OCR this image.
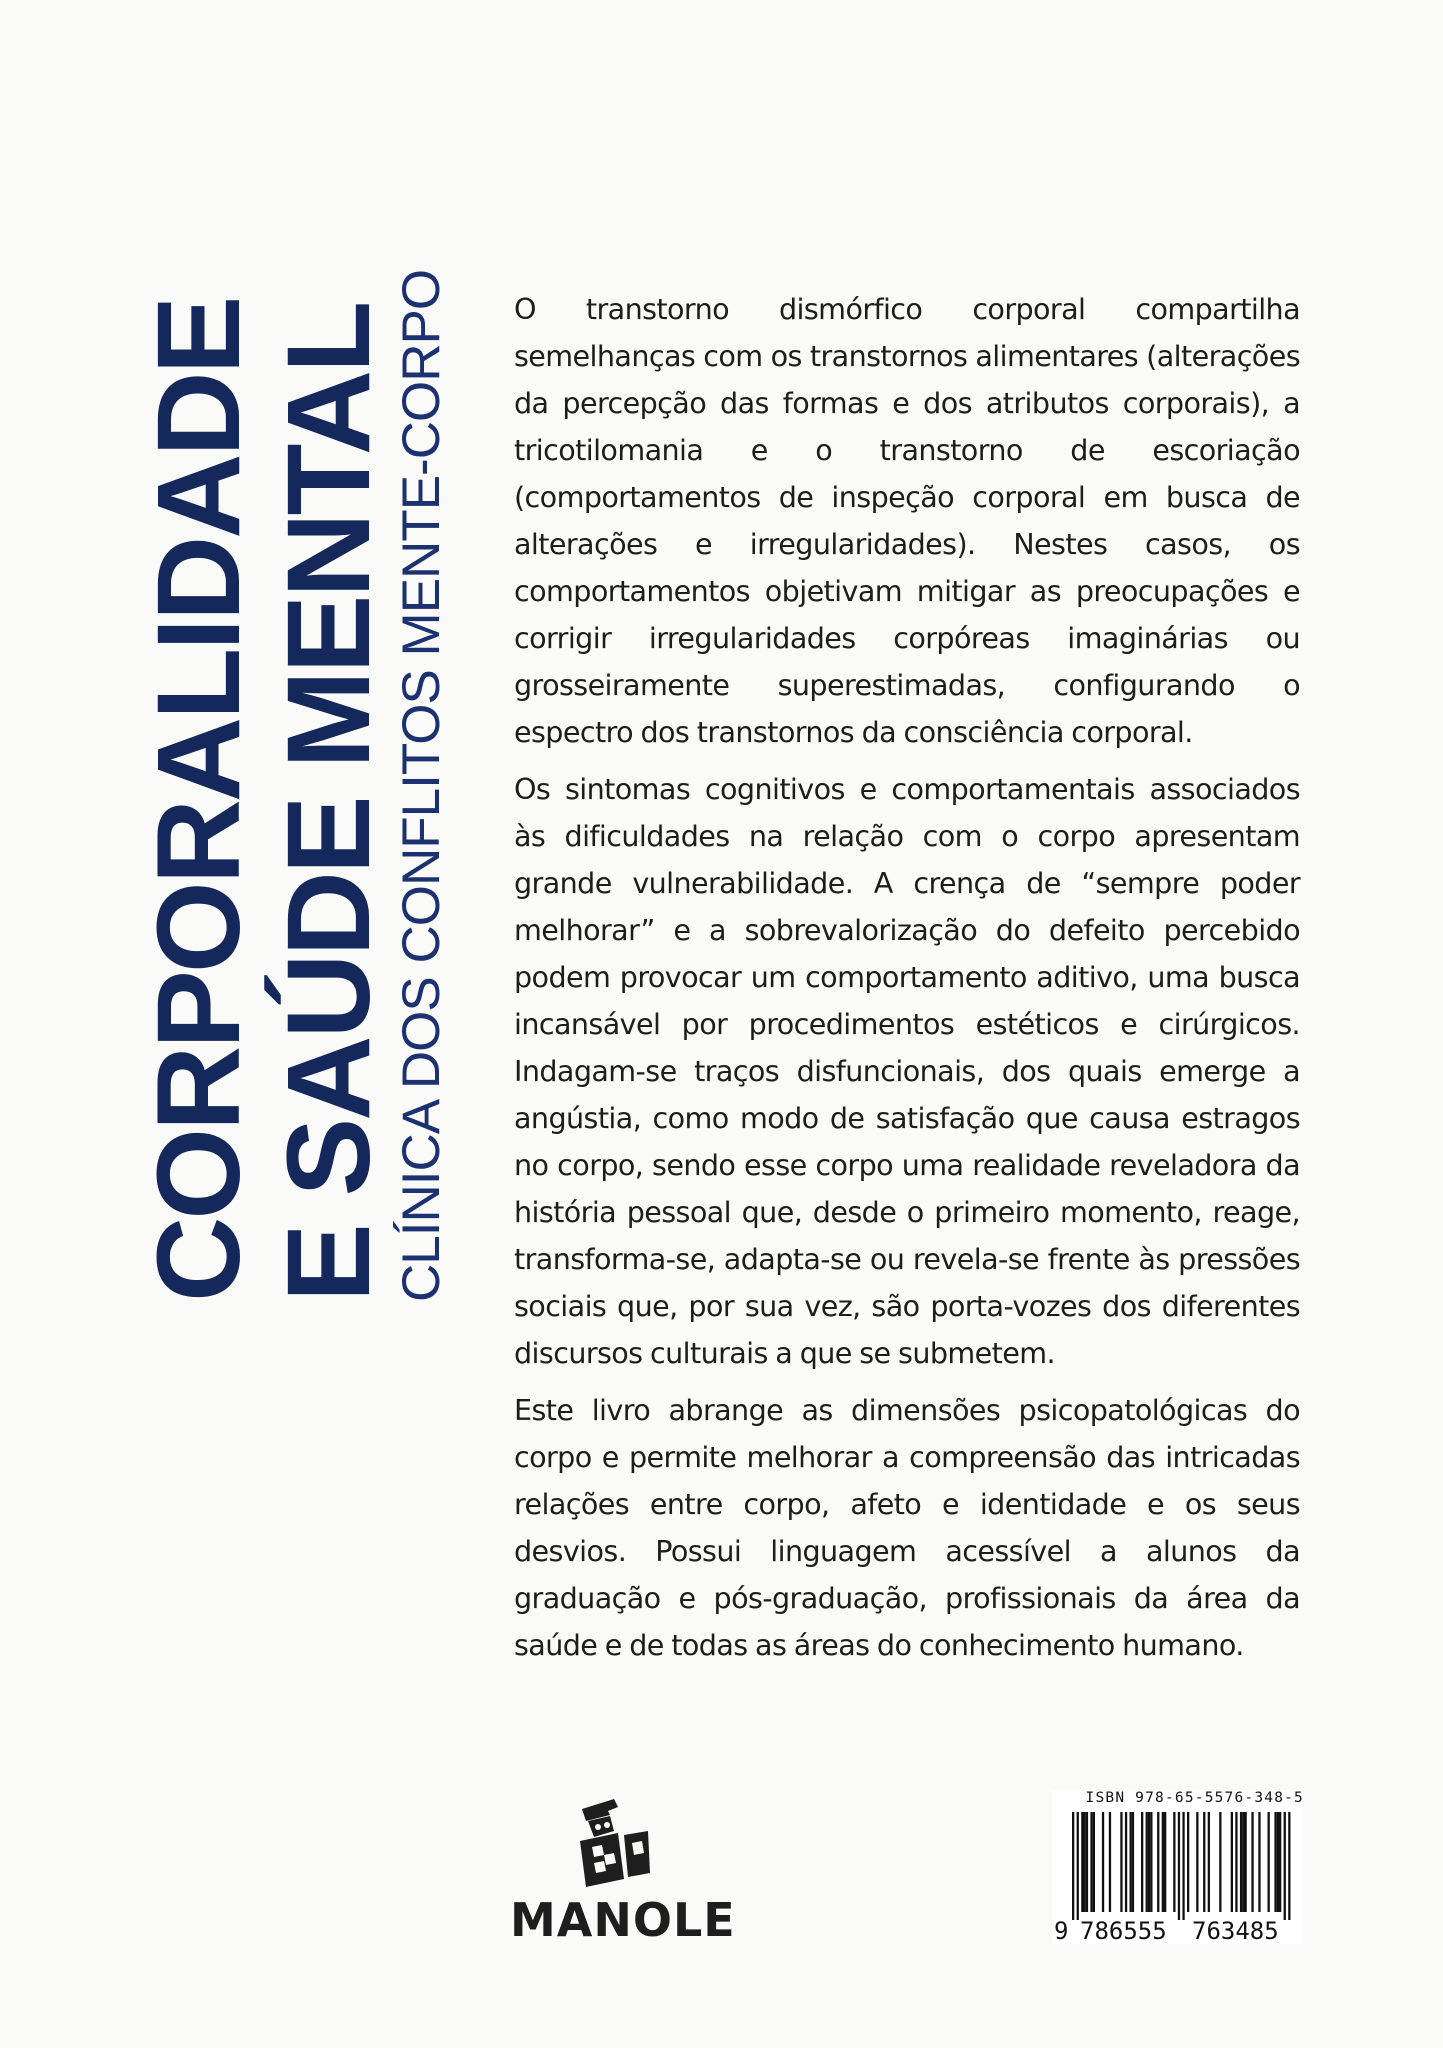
CORPORALIDADE
E SAÚDE MENTAL
CLÍNICA DOS CONFLITOS MENTE-CORPO O transtorno dismórfico corporal compartilha semelhanças com os transtornos alimentares (alterações da percepção das formas e dos atributos corporais), a tricotilomania e o transtorno de escoriação (comportamentos de inspeção corporal em busca de alterações e irregularidades). Nestes casos, os comportamentos objetivam mitigar as preocupações e corrigir irregularidades corpóreas imaginárias ou grosseiramente superestimadas, configurando o espectro dos transtornos da consciência corporal.

Os sintomas cognitivos e comportamentais associados às dificuldades na relação com o corpo apresentam grande vulnerabilidade. A crença de “sempre poder melhorar” e a sobrevalorização do defeito percebido podem provocar um comportamento aditivo, uma busca incansável por procedimentos estéticos e cirúrgicos. Indagam-se traços disfuncionais, dos quais emerge a angústia, como modo de satisfação que causa estragos no corpo, sendo esse corpo uma realidade reveladora da história pessoal que, desde o primeiro momento, reage, transforma-se, adapta-se ou revela-se frente às pressões sociais que, por sua vez, são porta-vozes dos diferentes discursos culturais a que se submetem.

Este livro abrange as dimensões psicopatológicas do corpo e permite melhorar a compreensão das intricadas relações entre corpo, afeto e identidade e os seus desvios. Possui linguagem acessível a alunos da graduação e pós-graduação, profissionais da área da saúde e de todas as áreas do conhecimento humano.

MANOLE
ISBN 978-65-5576-348-5
9 786555 763485
